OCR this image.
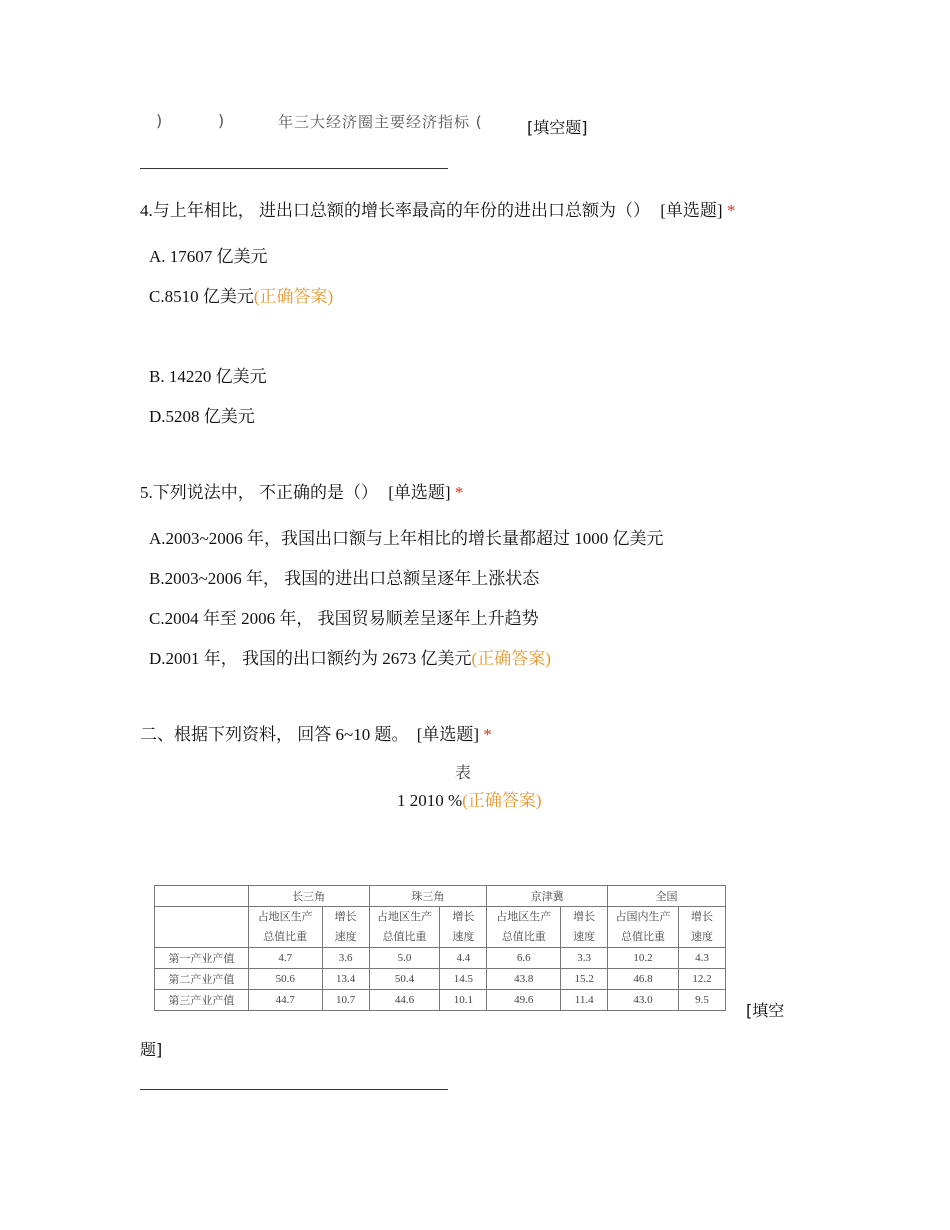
)	)	年三大经济圈主要经济指标 (	[填空题]
4.与上年相比， 进出口总额的增长率最高的年份的进出口总额为（） [单选题] *
A. 17607 亿美元
C.8510 亿美元(正确答案)
B. 14220 亿美元
D.5208 亿美元
5.下列说法中， 不正确的是（） [单选题] *
A.2003~2006 年，我国出口额与上年相比的增长量都超过 1000 亿美元
B.2003~2006 年， 我国的进出口总额呈逐年上涨状态
C.2004 年至 2006 年， 我国贸易顺差呈逐年上升趋势
D.2001 年， 我国的出口额约为 2673 亿美元(正确答案)
二、根据下列资料， 回答 6~10 题。 [单选题] *
表
1 2010 %(正确答案)
	长三角		珠三角		京津冀		全国	
	占地区生产总值比重	增长速度	占地区生产总值比重	增长速度	占地区生产总值比重	增长速度	占国内生产总值比重	增长速度
第一产业产值	4.7	3.6	5.0	4.4	6.6	3.3	10.2	4.3
第二产业产值	50.6	13.4	50.4	14.5	43.8	15.2	46.8	12.2
第三产业产值	44.7	10.7	44.6	10.1	49.6	11.4	43.0	9.5
[填空
题]
